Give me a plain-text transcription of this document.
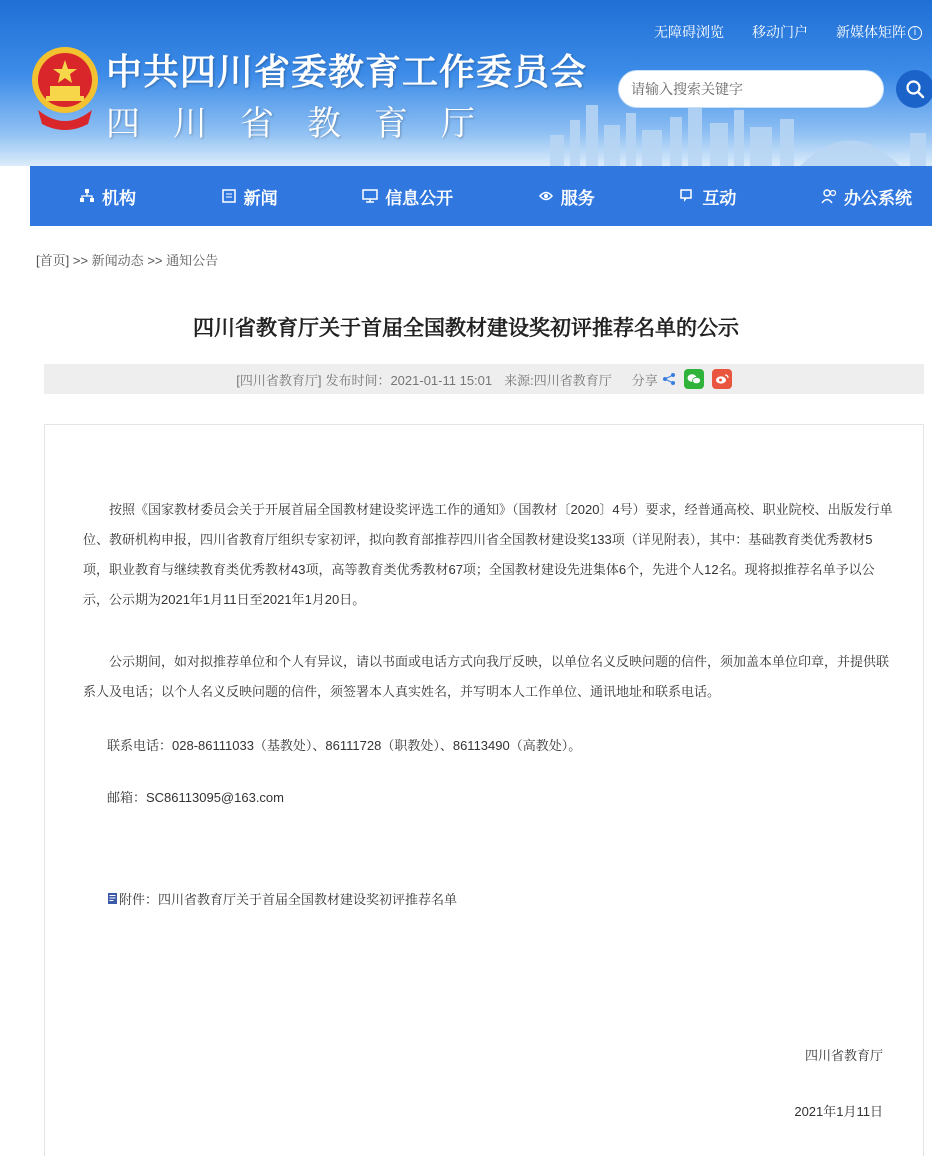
中共四川省委教育工作委员会
四川省教育厅
无障碍浏览 移动门户 新媒体矩阵 i
请输入搜索关键字
机构	新闻	信息公开	服务	互动	办公系统
[首页] >> 新闻动态 >> 通知公告
四川省教育厅关于首届全国教材建设奖初评推荐名单的公示
[四川省教育厅] 发布时间：2021-01-11 15:01 来源:四川省教育厅 分享

按照《国家教材委员会关于开展首届全国教材建设奖评选工作的通知》（国教材〔2020〕4号）要求，经普通高校、职业院校、出版发行单位、教研机构申报，四川省教育厅组织专家初评，拟向教育部推荐四川省全国教材建设奖133项（详见附表），其中：基础教育类优秀教材5项，职业教育与继续教育类优秀教材43项，高等教育类优秀教材67项；全国教材建设先进集体6个，先进个人12名。现将拟推荐名单予以公示，公示期为2021年1月11日至2021年1月20日。

公示期间，如对拟推荐单位和个人有异议，请以书面或电话方式向我厅反映，以单位名义反映问题的信件，须加盖本单位印章，并提供联系人及电话；以个人名义反映问题的信件，须签署本人真实姓名，并写明本人工作单位、通讯地址和联系电话。

联系电话：028-86111033（基教处）、86111728（职教处）、86113490（高教处）。

邮箱：SC86113095@163.com

附件：四川省教育厅关于首届全国教材建设奖初评推荐名单
四川省教育厅
2021年1月11日
